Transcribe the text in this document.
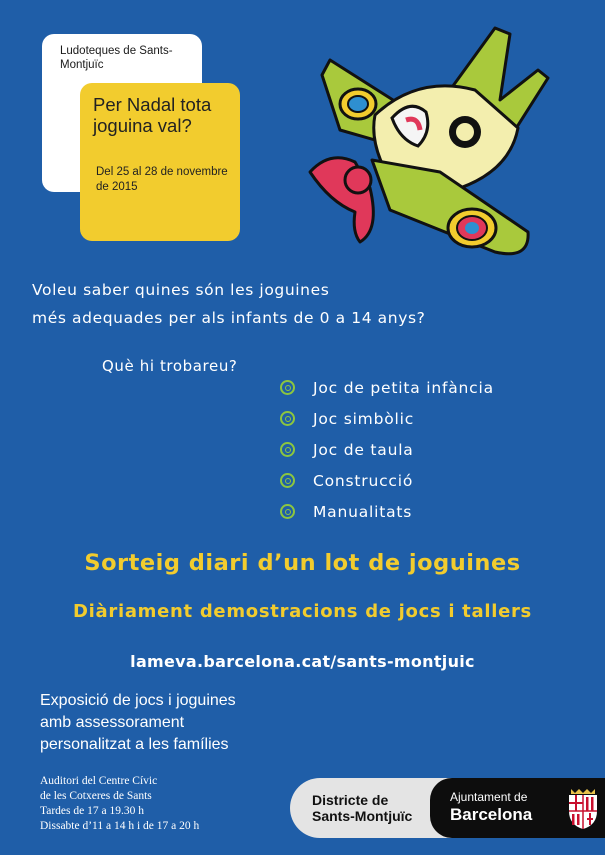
Ludoteques de Sants-Montjuïc
Per Nadal tota joguina val?
Del 25 al 28 de novembre de 2015
Voleu saber quines són les joguines
més adequades per als infants de 0 a 14 anys?
Què hi trobareu?
Joc de petita infància
Joc simbòlic
Joc de taula
Construcció
Manualitats
Sorteig diari d’un lot de joguines
Diàriament demostracions de jocs i tallers
lameva.barcelona.cat/sants-montjuic
Exposició de jocs i joguines
amb assessorament
personalitzat a les famílies
Auditori del Centre Cívic
de les Cotxeres de Sants
Tardes de 17 a 19.30 h
Dissabte d’11 a 14 h i de 17 a 20 h
Districte de
Sants-Montjuïc
Ajuntament de
Barcelona
